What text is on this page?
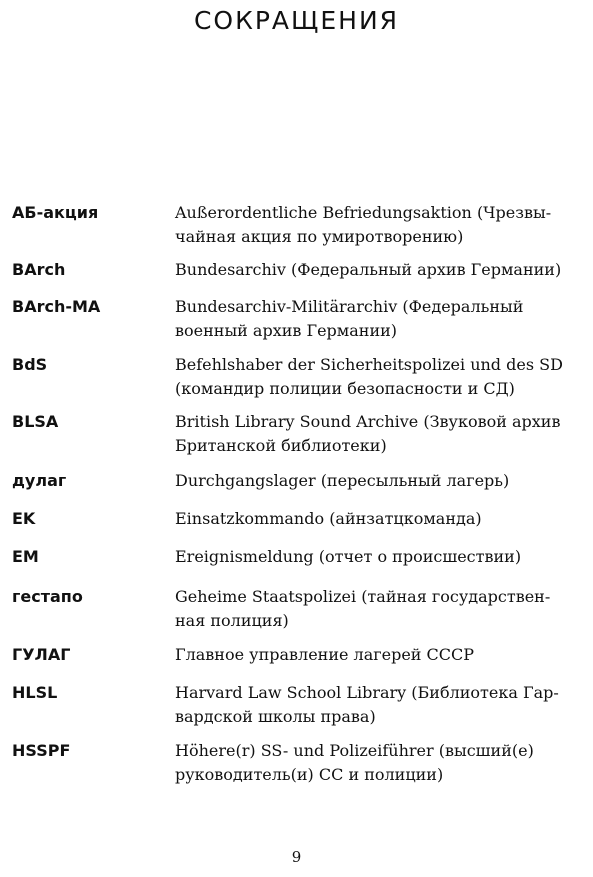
СОКРАЩЕНИЯ
АБ-акция	Außerordentliche Befriedungsaktion (Чрезвы-
чайная акция по умиротворению)
BArch	Bundesarchiv (Федеральный архив Германии)
BArch-MA	Bundesarchiv-Militärarchiv (Федеральный
военный архив Германии)
BdS	Befehlshaber der Sicherheitspolizei und des SD
(командир полиции безопасности и СД)
BLSA	British Library Sound Archive (Звуковой архив
Британской библиотеки)
дулаг	Durchgangslager (пересыльный лагерь)
EK	Einsatzkommando (айнзатцкоманда)
EM	Ereignismeldung (отчет о происшествии)
гестапо	Geheime Staatspolizei (тайная государствен-
ная полиция)
ГУЛАГ	Главное управление лагерей СССР
HLSL	Harvard Law School Library (Библиотека Гар-
вардской школы права)
HSSPF	Höhere(r) SS- und Polizeiführer (высший(е)
руководитель(и) СС и полиции)
9
